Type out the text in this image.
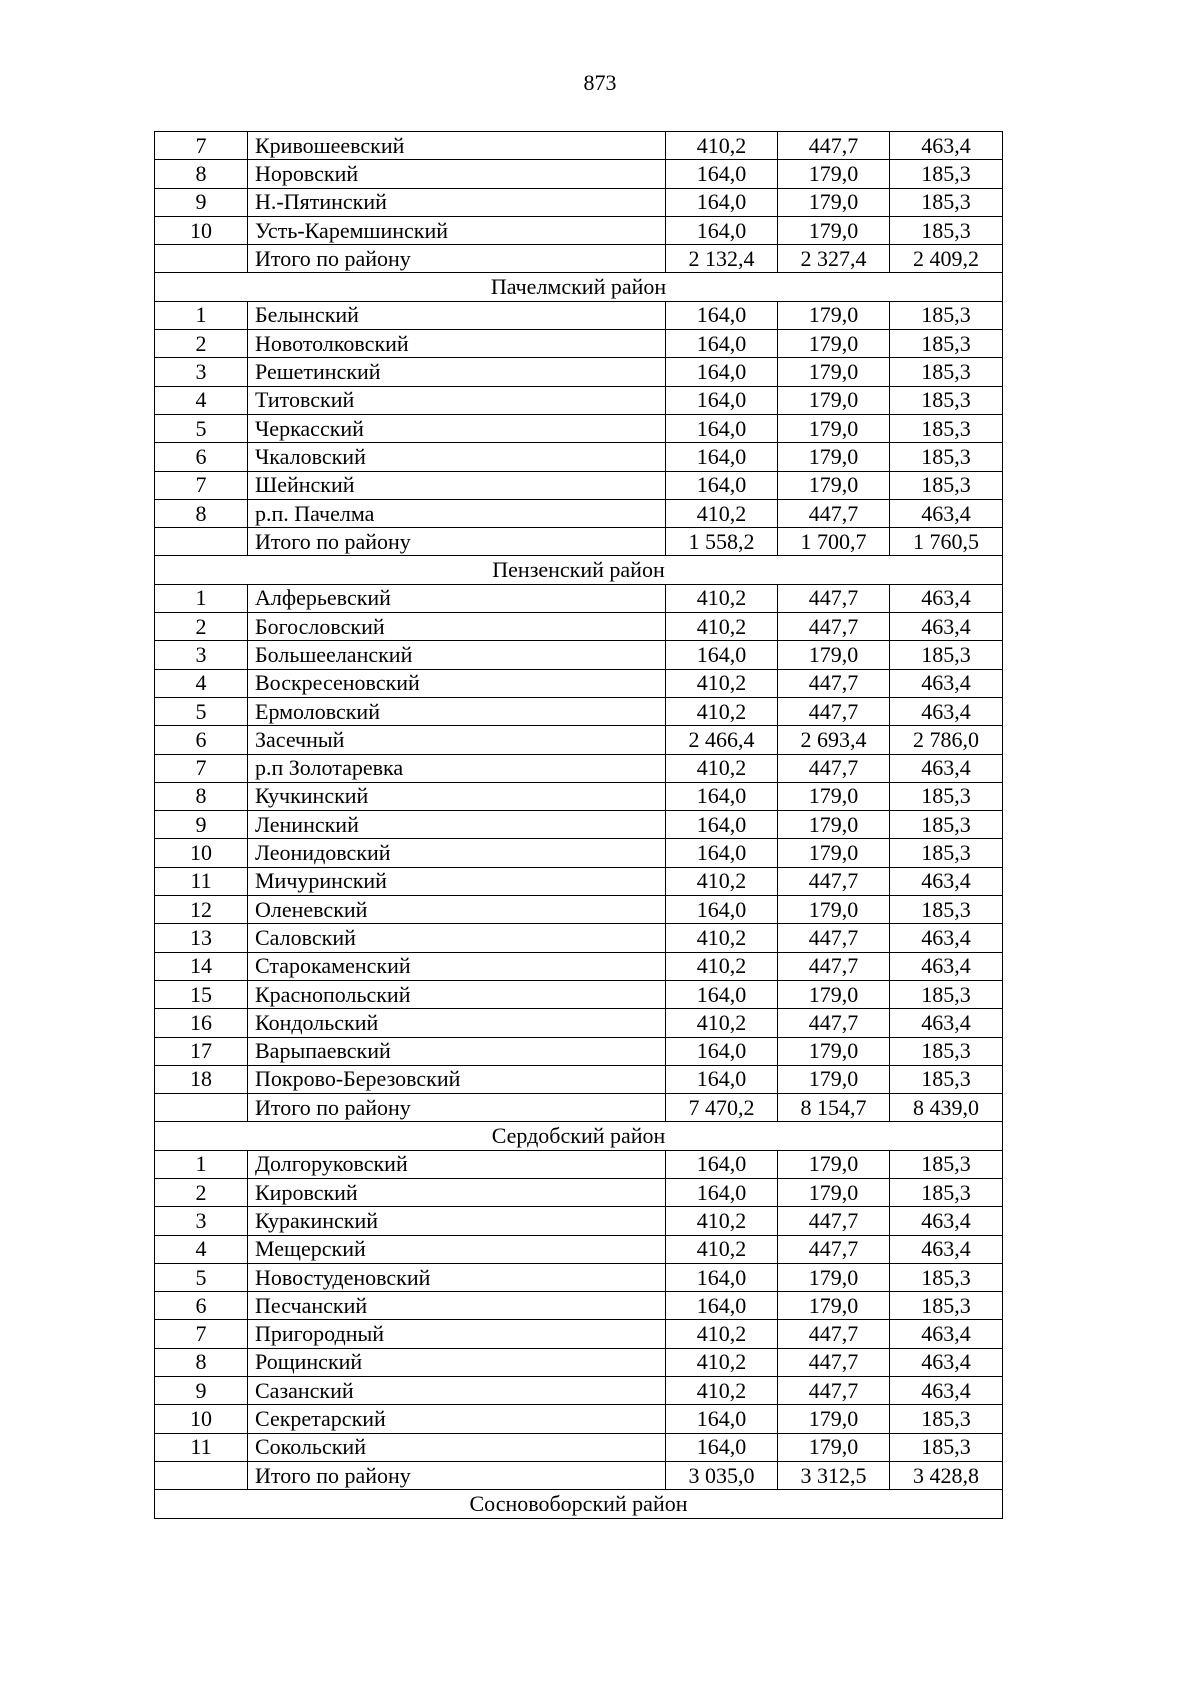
873
7	Кривошеевский	410,2	447,7	463,4
8	Норовский	164,0	179,0	185,3
9	Н.-Пятинский	164,0	179,0	185,3
10	Усть-Каремшинский	164,0	179,0	185,3
	Итого по району	2 132,4	2 327,4	2 409,2
Пачелмский район				
1	Белынский	164,0	179,0	185,3
2	Новотолковский	164,0	179,0	185,3
3	Решетинский	164,0	179,0	185,3
4	Титовский	164,0	179,0	185,3
5	Черкасский	164,0	179,0	185,3
6	Чкаловский	164,0	179,0	185,3
7	Шейнский	164,0	179,0	185,3
8	р.п. Пачелма	410,2	447,7	463,4
	Итого по району	1 558,2	1 700,7	1 760,5
Пензенский район				
1	Алферьевский	410,2	447,7	463,4
2	Богословский	410,2	447,7	463,4
3	Большееланский	164,0	179,0	185,3
4	Воскресеновский	410,2	447,7	463,4
5	Ермоловский	410,2	447,7	463,4
6	Засечный	2 466,4	2 693,4	2 786,0
7	р.п Золотаревка	410,2	447,7	463,4
8	Кучкинский	164,0	179,0	185,3
9	Ленинский	164,0	179,0	185,3
10	Леонидовский	164,0	179,0	185,3
11	Мичуринский	410,2	447,7	463,4
12	Оленевский	164,0	179,0	185,3
13	Саловский	410,2	447,7	463,4
14	Старокаменский	410,2	447,7	463,4
15	Краснопольский	164,0	179,0	185,3
16	Кондольский	410,2	447,7	463,4
17	Варыпаевский	164,0	179,0	185,3
18	Покрово-Березовский	164,0	179,0	185,3
	Итого по району	7 470,2	8 154,7	8 439,0
Сердобский район				
1	Долгоруковский	164,0	179,0	185,3
2	Кировский	164,0	179,0	185,3
3	Куракинский	410,2	447,7	463,4
4	Мещерский	410,2	447,7	463,4
5	Новостуденовский	164,0	179,0	185,3
6	Песчанский	164,0	179,0	185,3
7	Пригородный	410,2	447,7	463,4
8	Рощинский	410,2	447,7	463,4
9	Сазанский	410,2	447,7	463,4
10	Секретарский	164,0	179,0	185,3
11	Сокольский	164,0	179,0	185,3
	Итого по району	3 035,0	3 312,5	3 428,8
Сосновоборский район				
